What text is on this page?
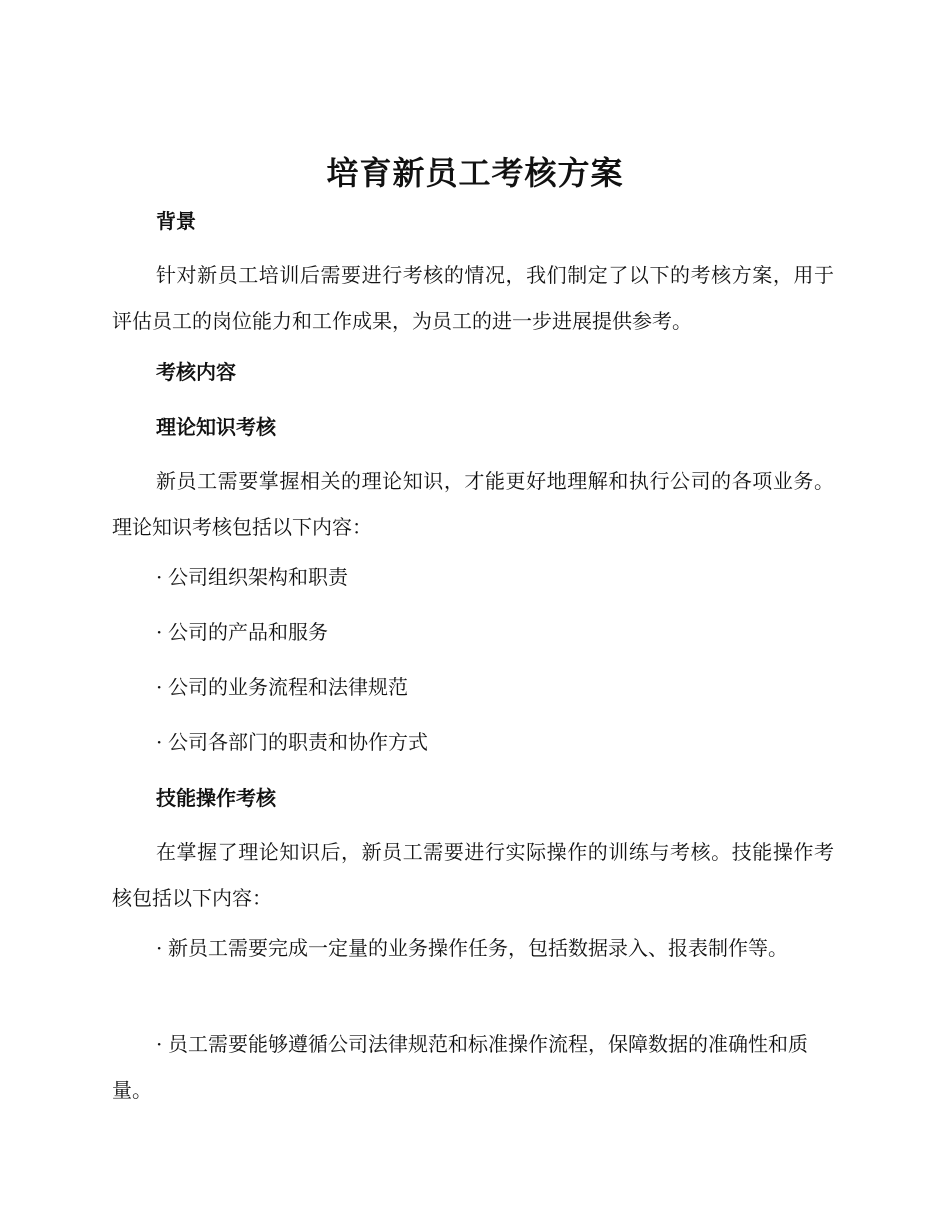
培育新员工考核方案
背景

针对新员工培训后需要进行考核的情况，我们制定了以下的考核方案，用于评估员工的岗位能力和工作成果，为员工的进一步进展提供参考。

考核内容
理论知识考核

新员工需要掌握相关的理论知识，才能更好地理解和执行公司的各项业务。理论知识考核包括以下内容：

· 公司组织架构和职责
· 公司的产品和服务
· 公司的业务流程和法律规范
· 公司各部门的职责和协作方式
技能操作考核

在掌握了理论知识后，新员工需要进行实际操作的训练与考核。技能操作考核包括以下内容：

· 新员工需要完成一定量的业务操作任务，包括数据录入、报表制作等。
· 员工需要能够遵循公司法律规范和标准操作流程，保障数据的准确性和质量。
